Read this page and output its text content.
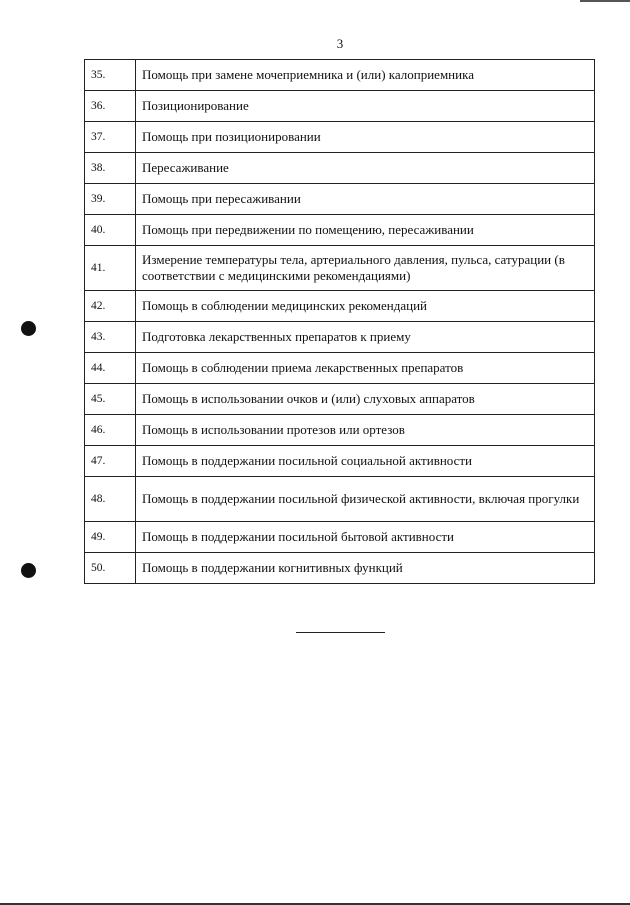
3
35.	Помощь при замене мочеприемника и (или) калоприемника
36.	Позиционирование
37.	Помощь при позиционировании
38.	Пересаживание
39.	Помощь при пересаживании
40.	Помощь при передвижении по помещению, пересаживании
41.	Измерение температуры тела, артериального давления, пульса, сатурации (в соответствии с медицинскими рекомендациями)
42.	Помощь в соблюдении медицинских рекомендаций
43.	Подготовка лекарственных препаратов к приему
44.	Помощь в соблюдении приема лекарственных препаратов
45.	Помощь в использовании очков и (или) слуховых аппаратов
46.	Помощь в использовании протезов или ортезов
47.	Помощь в поддержании посильной социальной активности
48.	Помощь в поддержании посильной физической активности, включая прогулки
49.	Помощь в поддержании посильной бытовой активности
50.	Помощь в поддержании когнитивных функций
